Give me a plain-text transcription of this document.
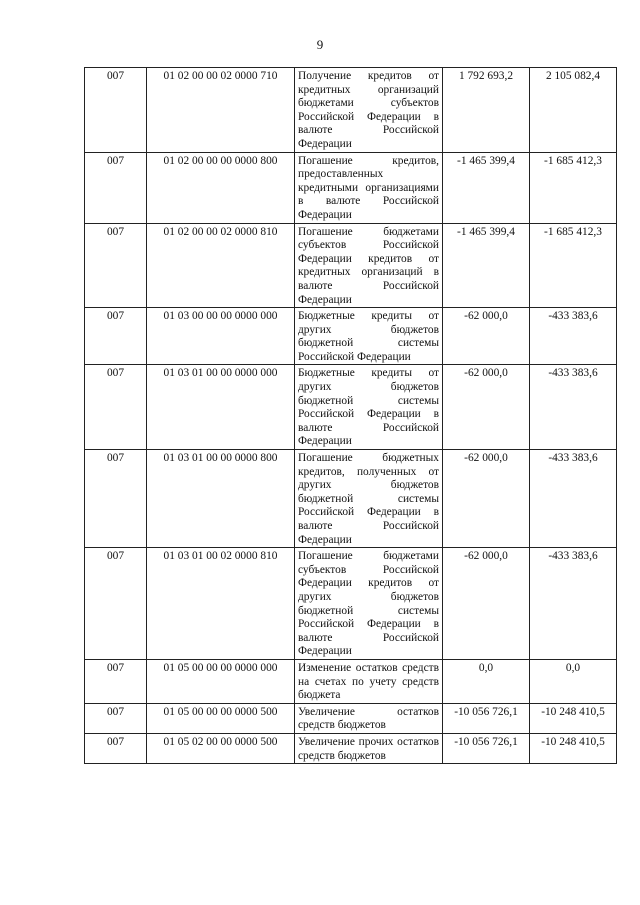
9
007	01 02 00 00 02 0000 710	Получение кредитов от кредитных организаций бюджетами субъектов Российской Федерации в валюте Российской Федерации	1 792 693,2	2 105 082,4
007	01 02 00 00 00 0000 800	Погашение кредитов, предоставленных кредитными организациями в валюте Российской Федерации	-1 465 399,4	-1 685 412,3
007	01 02 00 00 02 0000 810	Погашение бюджетами субъектов Российской Федерации кредитов от кредитных организаций в валюте Российской Федерации	-1 465 399,4	-1 685 412,3
007	01 03 00 00 00 0000 000	Бюджетные кредиты от других бюджетов бюджетной системы Российской Федерации	-62 000,0	-433 383,6
007	01 03 01 00 00 0000 000	Бюджетные кредиты от других бюджетов бюджетной системы Российской Федерации в валюте Российской Федерации	-62 000,0	-433 383,6
007	01 03 01 00 00 0000 800	Погашение бюджетных кредитов, полученных от других бюджетов бюджетной системы Российской Федерации в валюте Российской Федерации	-62 000,0	-433 383,6
007	01 03 01 00 02 0000 810	Погашение бюджетами субъектов Российской Федерации кредитов от других бюджетов бюджетной системы Российской Федерации в валюте Российской Федерации	-62 000,0	-433 383,6
007	01 05 00 00 00 0000 000	Изменение остатков средств на счетах по учету средств бюджета	0,0	0,0
007	01 05 00 00 00 0000 500	Увеличение остатков средств бюджетов	-10 056 726,1	-10 248 410,5
007	01 05 02 00 00 0000 500	Увеличение прочих остатков средств бюджетов	-10 056 726,1	-10 248 410,5
